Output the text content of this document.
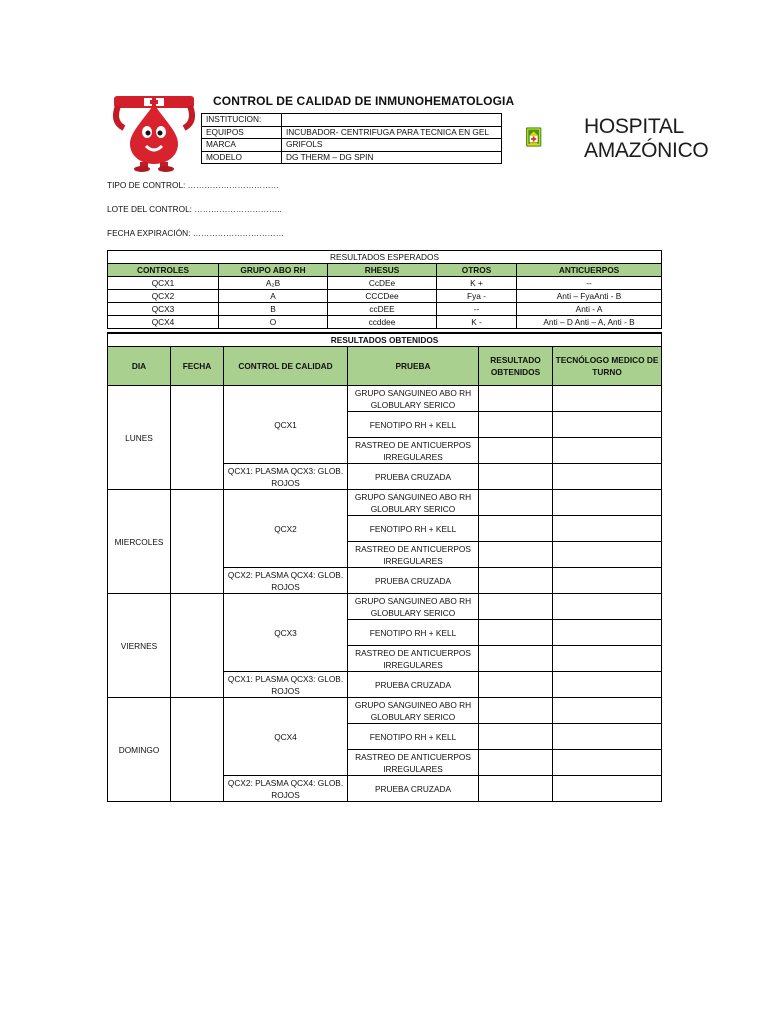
CONTROL DE CALIDAD DE INMUNOHEMATOLOGIA
INSTITUCION:	
EQUIPOS	INCUBADOR- CENTRIFUGA PARA TECNICA EN GEL
MARCA	GRIFOLS
MODELO	DG THERM – DG SPIN
HOSPITAL
AMAZÓNICO
TIPO DE CONTROL: ……………………………
LOTE DEL CONTROL: …………………………..
FECHA EXPIRACIÓN: ……………………………
RESULTADOS ESPERADOS				
CONTROLES	GRUPO ABO RH	RHESUS	OTROS	ANTICUERPOS
QCX1	A₂B	CcDEe	K +	--
QCX2	A	CCCDee	Fya -	Anti – FyaAnti - B
QCX3	B	ccDEE	--	Anti - A
QCX4	O	ccddee	K -	Anti – D Anti – A, Anti - B
RESULTADOS OBTENIDOS					
DIA	FECHA	CONTROL DE CALIDAD	PRUEBA	RESULTADO OBTENIDOS	TECNÓLOGO MEDICO DE TURNO
LUNES		QCX1	GRUPO SANGUINEO ABO RH GLOBULARY SERICO		
			FENOTIPO RH + KELL		
			RASTREO DE ANTICUERPOS IRREGULARES		
		QCX1: PLASMA QCX3: GLOB. ROJOS	PRUEBA CRUZADA		
MIERCOLES		QCX2	GRUPO SANGUINEO ABO RH GLOBULARY SERICO		
			FENOTIPO RH + KELL		
			RASTREO DE ANTICUERPOS IRREGULARES		
		QCX2: PLASMA QCX4: GLOB. ROJOS	PRUEBA CRUZADA		
VIERNES		QCX3	GRUPO SANGUINEO ABO RH GLOBULARY SERICO		
			FENOTIPO RH + KELL		
			RASTREO DE ANTICUERPOS IRREGULARES		
		QCX1: PLASMA QCX3: GLOB. ROJOS	PRUEBA CRUZADA		
DOMINGO		QCX4	GRUPO SANGUINEO ABO RH GLOBULARY SERICO		
			FENOTIPO RH + KELL		
			RASTREO DE ANTICUERPOS IRREGULARES		
		QCX2: PLASMA QCX4: GLOB. ROJOS	PRUEBA CRUZADA		
